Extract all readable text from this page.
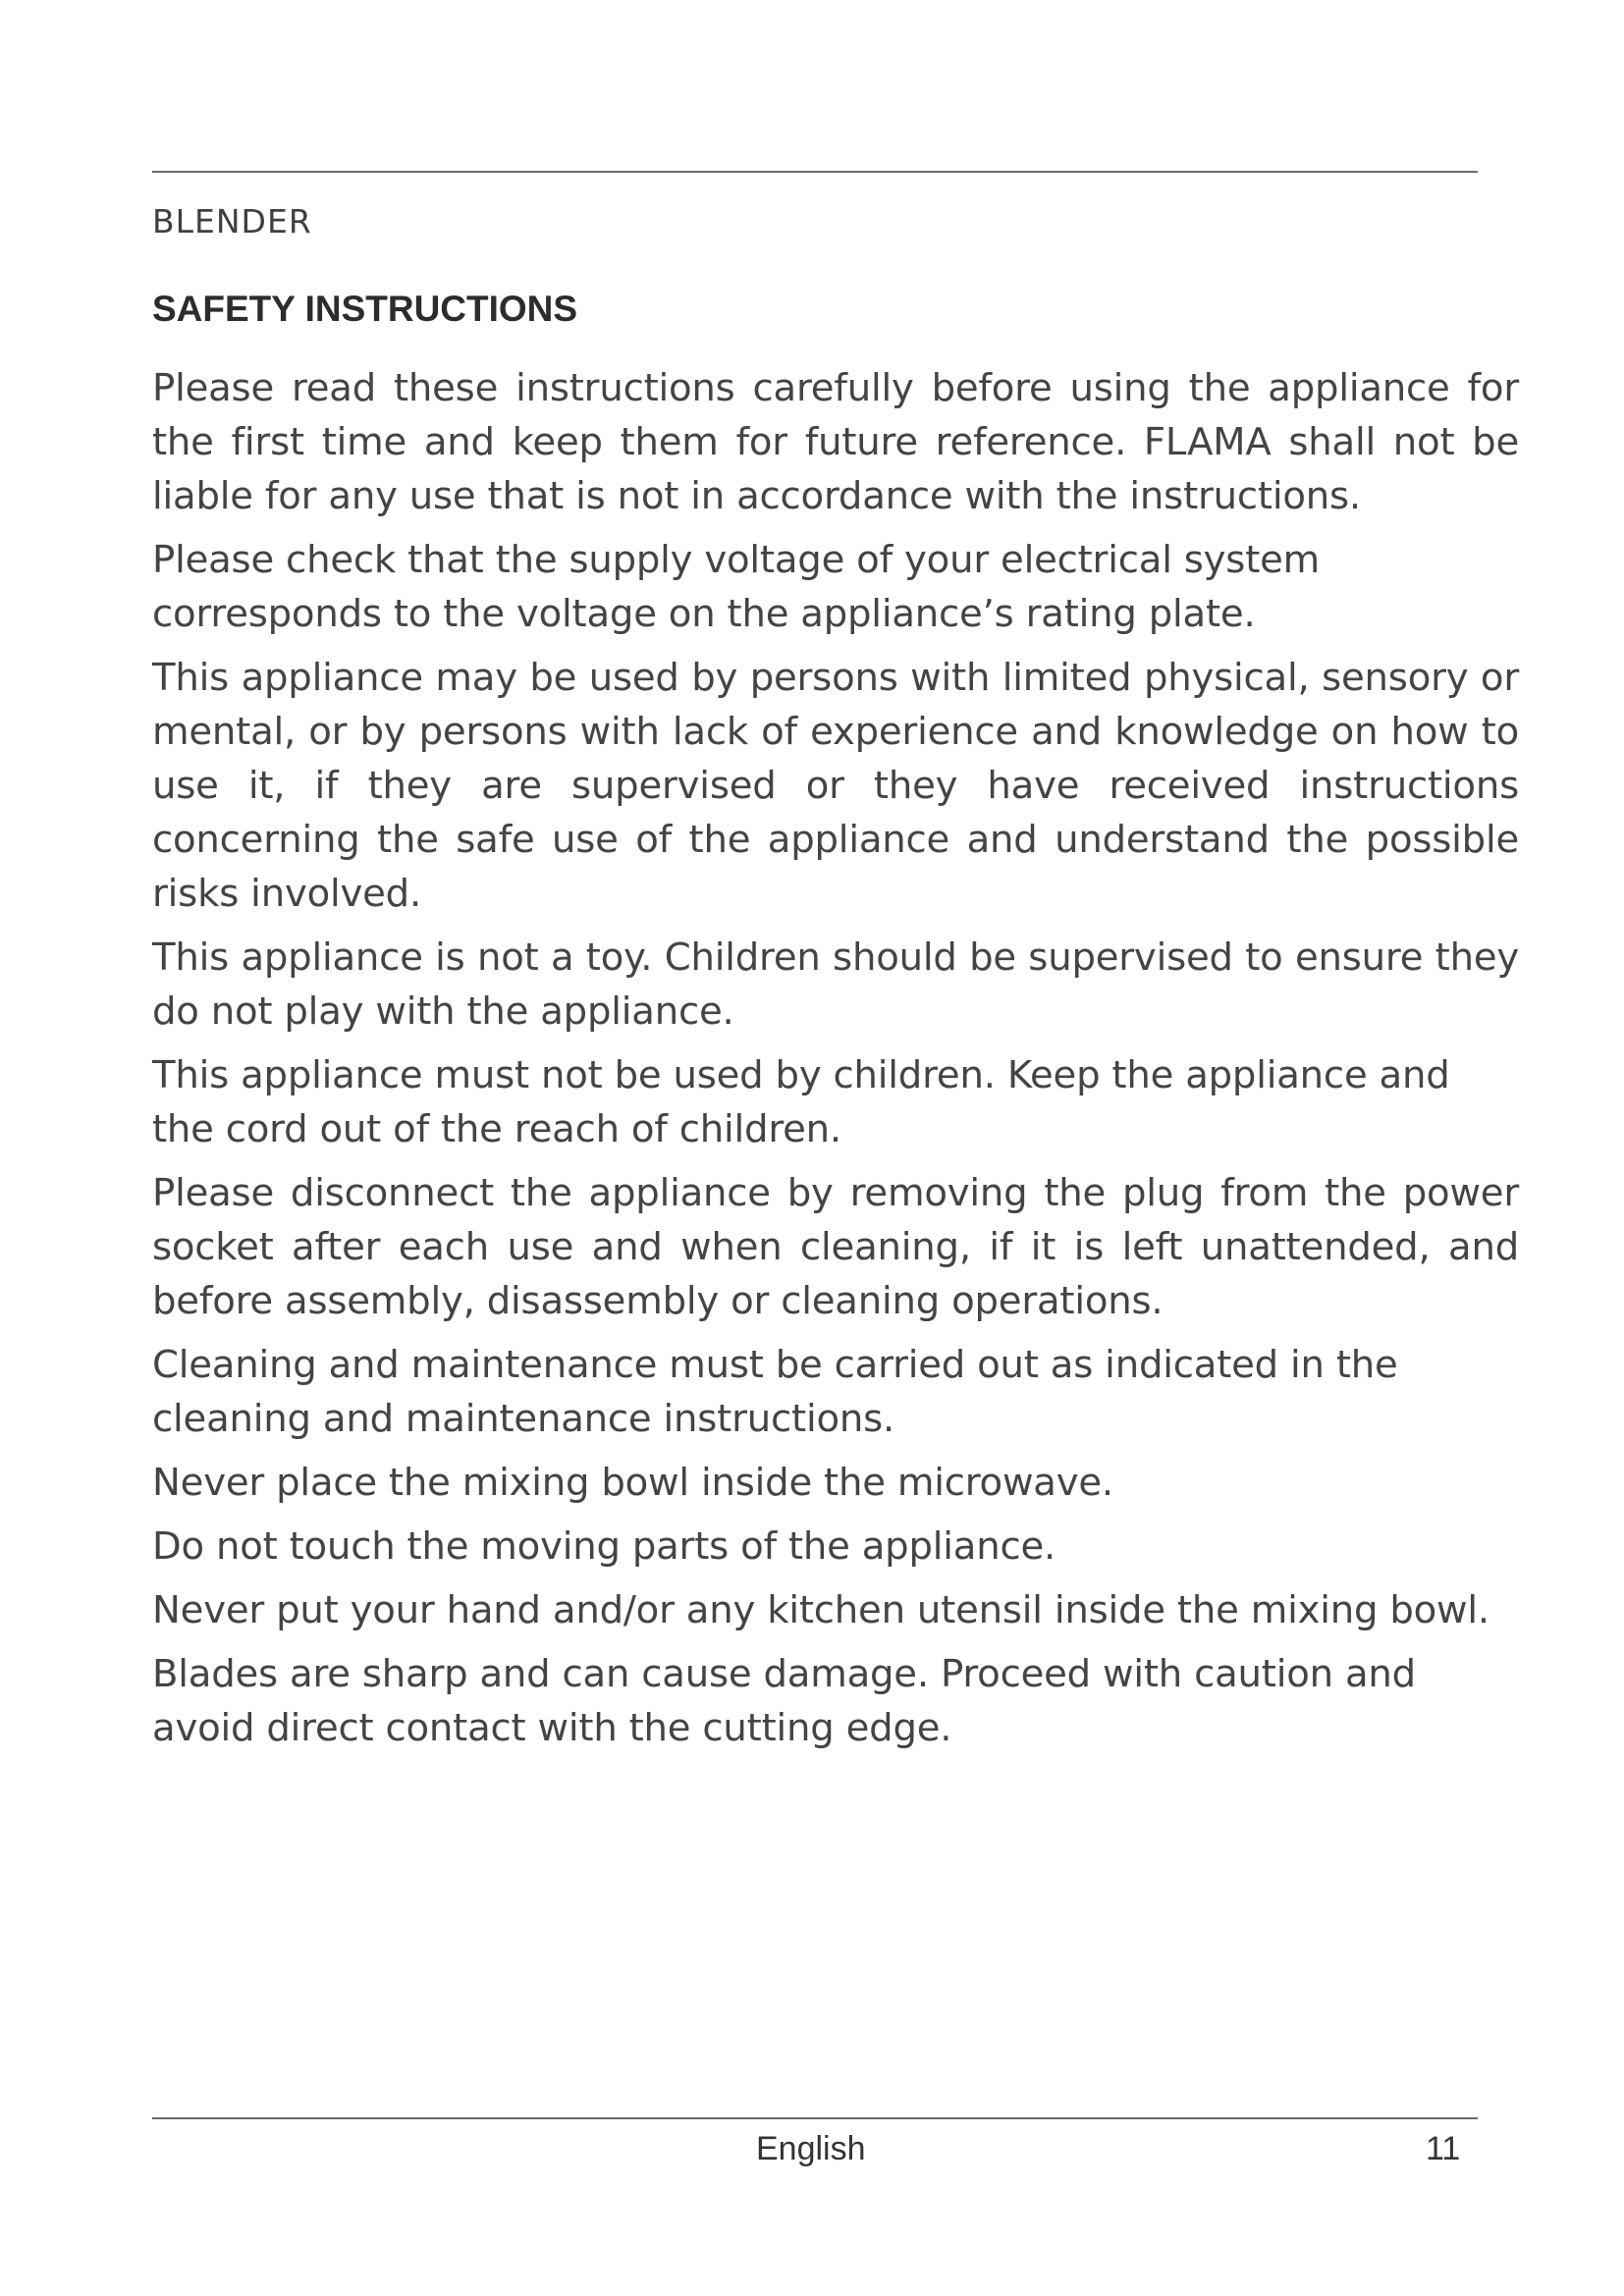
BLENDER
SAFETY INSTRUCTIONS

Please read these instructions carefully before using the appliance for the first time and keep them for future reference. FLAMA shall not be liable for any use that is not in accordance with the instructions.

Please check that the supply voltage of your electrical system corresponds to the voltage on the appliance’s rating plate.

This appliance may be used by persons with limited physical, sensory or mental, or by persons with lack of experience and knowledge on how to use it, if they are supervised or they have received instructions concerning the safe use of the appliance and understand the possible risks involved.

This appliance is not a toy. Children should be supervised to ensure they do not play with the appliance.

This appliance must not be used by children. Keep the appliance and the cord out of the reach of children.

Please disconnect the appliance by removing the plug from the power socket after each use and when cleaning, if it is left unattended, and before assembly, disassembly or cleaning operations.

Cleaning and maintenance must be carried out as indicated in the cleaning and maintenance instructions.

Never place the mixing bowl inside the microwave.

Do not touch the moving parts of the appliance.

Never put your hand and/or any kitchen utensil inside the mixing bowl.

Blades are sharp and can cause damage. Proceed with caution and avoid direct contact with the cutting edge.

English	11
